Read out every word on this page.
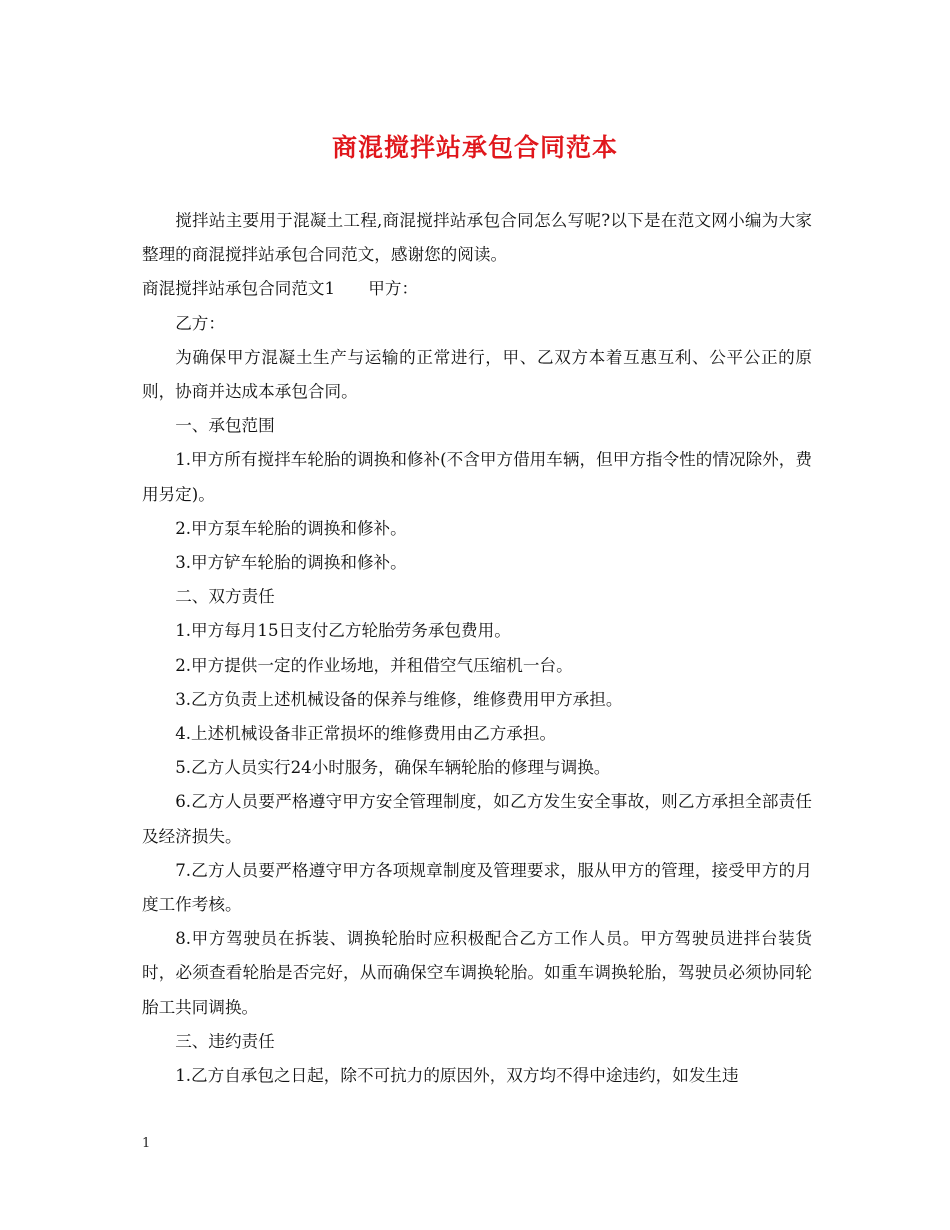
商混搅拌站承包合同范本

搅拌站主要用于混凝土工程,商混搅拌站承包合同怎么写呢?以下是在范文网小编为大家整理的商混搅拌站承包合同范文，感谢您的阅读。

商混搅拌站承包合同范文1　　甲方：

乙方：

为确保甲方混凝土生产与运输的正常进行，甲、乙双方本着互惠互利、公平公正的原则，协商并达成本承包合同。

一、承包范围

1.甲方所有搅拌车轮胎的调换和修补(不含甲方借用车辆，但甲方指令性的情况除外，费用另定)。

2.甲方泵车轮胎的调换和修补。

3.甲方铲车轮胎的调换和修补。

二、双方责任

1.甲方每月15日支付乙方轮胎劳务承包费用。

2.甲方提供一定的作业场地，并租借空气压缩机一台。

3.乙方负责上述机械设备的保养与维修，维修费用甲方承担。

4.上述机械设备非正常损坏的维修费用由乙方承担。

5.乙方人员实行24小时服务，确保车辆轮胎的修理与调换。

6.乙方人员要严格遵守甲方安全管理制度，如乙方发生安全事故，则乙方承担全部责任及经济损失。

7.乙方人员要严格遵守甲方各项规章制度及管理要求，服从甲方的管理，接受甲方的月度工作考核。

8.甲方驾驶员在拆装、调换轮胎时应积极配合乙方工作人员。甲方驾驶员进拌台装货时，必须查看轮胎是否完好，从而确保空车调换轮胎。如重车调换轮胎，驾驶员必须协同轮胎工共同调换。

三、违约责任

1.乙方自承包之日起，除不可抗力的原因外，双方均不得中途违约，如发生违

1
